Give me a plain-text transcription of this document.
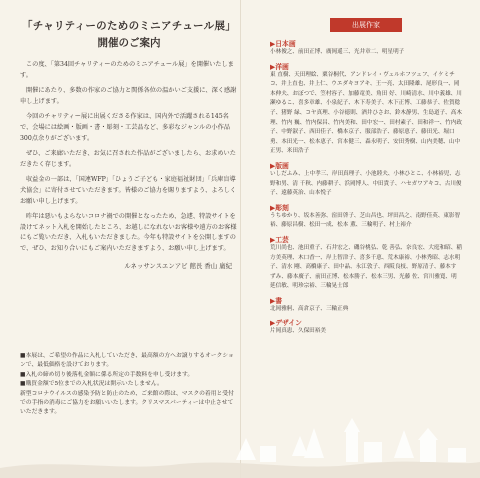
「チャリティーのためのミニアチュール展」
開催のご案内

この度、「第34回チャリティーのためのミニアチュール展」を開催いたします。

開催にあたり、多数の作家のご協力と関係各位の温かいご支援に、深く感謝申し上げます。

今回のチャリティー展に出展くださる作家は、国内外で活躍される145名で、会場には絵画・版画・書・彫刻・工芸品など、多彩なジャンルの小作品300点余りがございます。

ぜひ、ご来廊いただき、お気に召された作品がございましたら、お求めいただきたく存じます。

収益金の一部は、「国連WFP」「ひょうご子ども・家庭福祉財団」「兵庫盲導犬協会」に寄付させていただきます。皆様のご協力を賜りますよう、よろしくお願い申し上げます。

昨年は悪いもよらないコロナ禍での開催となったため、急遽、特設サイトを設けてネット入札を開始したところ、お越しになれないお客様や遠方のお客様にもご覧いただき、入札もいただきました。今年も特設サイトを公開しますので、ぜひ、お知り合いにもご案内いただきますよう、お願い申し上げます。

ルネッサンスエンアビ 館長 香山 廣紀
■本展は、ご希望の作品に入札していただき、最高額の方へお譲りするオークションで、最低価格を設けております。
■入札の締め切り後落札金額に係る所定の手数料を申し受けます。
■購買金額で5位までの入札状況は開示いたしません。
新型コロナウイルスの感染予防と防止のため、ご来館の際は、マスクの着用と受付での手指の消毒にご協力をお願いいたします。クリスマスパーティーは中止させていただきます。
出展作家
▶日本画
小林俊之、前田正博、廣岡遥三、光井章二、明星明子
▶洋画
東 直樹、天田理絵、粟谷桐代、アンドレイ・ヴェルホフツェフ、イケミチコ、井上直也、井上仁、ウエダキヨアキ、王一亮、太田隆雄、尾形良一、岡本伸夫、おぼつで、笠村容子、加藤竜美、角田 好、川崎清水、川中義雄、川瀬ゆるこ、喜多章雄、小泉紀子、木下寿美子、木下正博、工藤恭子、佐賀稔子、猪野 緑、コヤ真理、小谷徳則、酒井ひさお、鈴木静男、生島道子、高木 理、竹内 巍、竹内保昌、竹内美和、田中宏一、田村素子、田和祥一、竹内政子、中野淑子、西田佳子、橋本京子、服部浩子、藤原恵子、藤田光、堀口 勇、本田光一、松本恵子、宮本健三、森永明子、安田秀樹、山内美穂、山中正男、米田浩子
▶版画
いしだふみ、上中孝三、岸田真理子、小池睦夫、小林ひとこ、小林裕児、志野和男、清 千秋、内藤耕子、浜岡博人、中田貴子、ハセガワアキコ、古川俊子、遠藤英治、山本悦子
▶彫刻
うちゆかり、坂本善弥、窪田啓子、芝山昌也、坪田昌之、南野佳英、東影智裕、藤原昌樹、松田一成、松本 薫、三輪明子、村上裕介
▶工芸
荒川尚也、池田重子、石井宏之、磯谷桃弘、乾 善弘、奈良宏、大庭和昭、稲方美英理、木口香一、岸上智津子、喜多千恵、荒木康裕、小林秀昭、志水明子、清水 剛、高橋康子、田中晶、永江敦子、西阪良枝、野原清子、藤本すずみ、藤本廣子、前田正博、松本勝子、松本三男、光藤 佐、宮川雅寛、明延信敏、明珍宗裕、三輪晃士郎
▶書
北岡雅舸、高倉京子、三輪正典
▶デザイン
片岡真恵、久保田裕美
